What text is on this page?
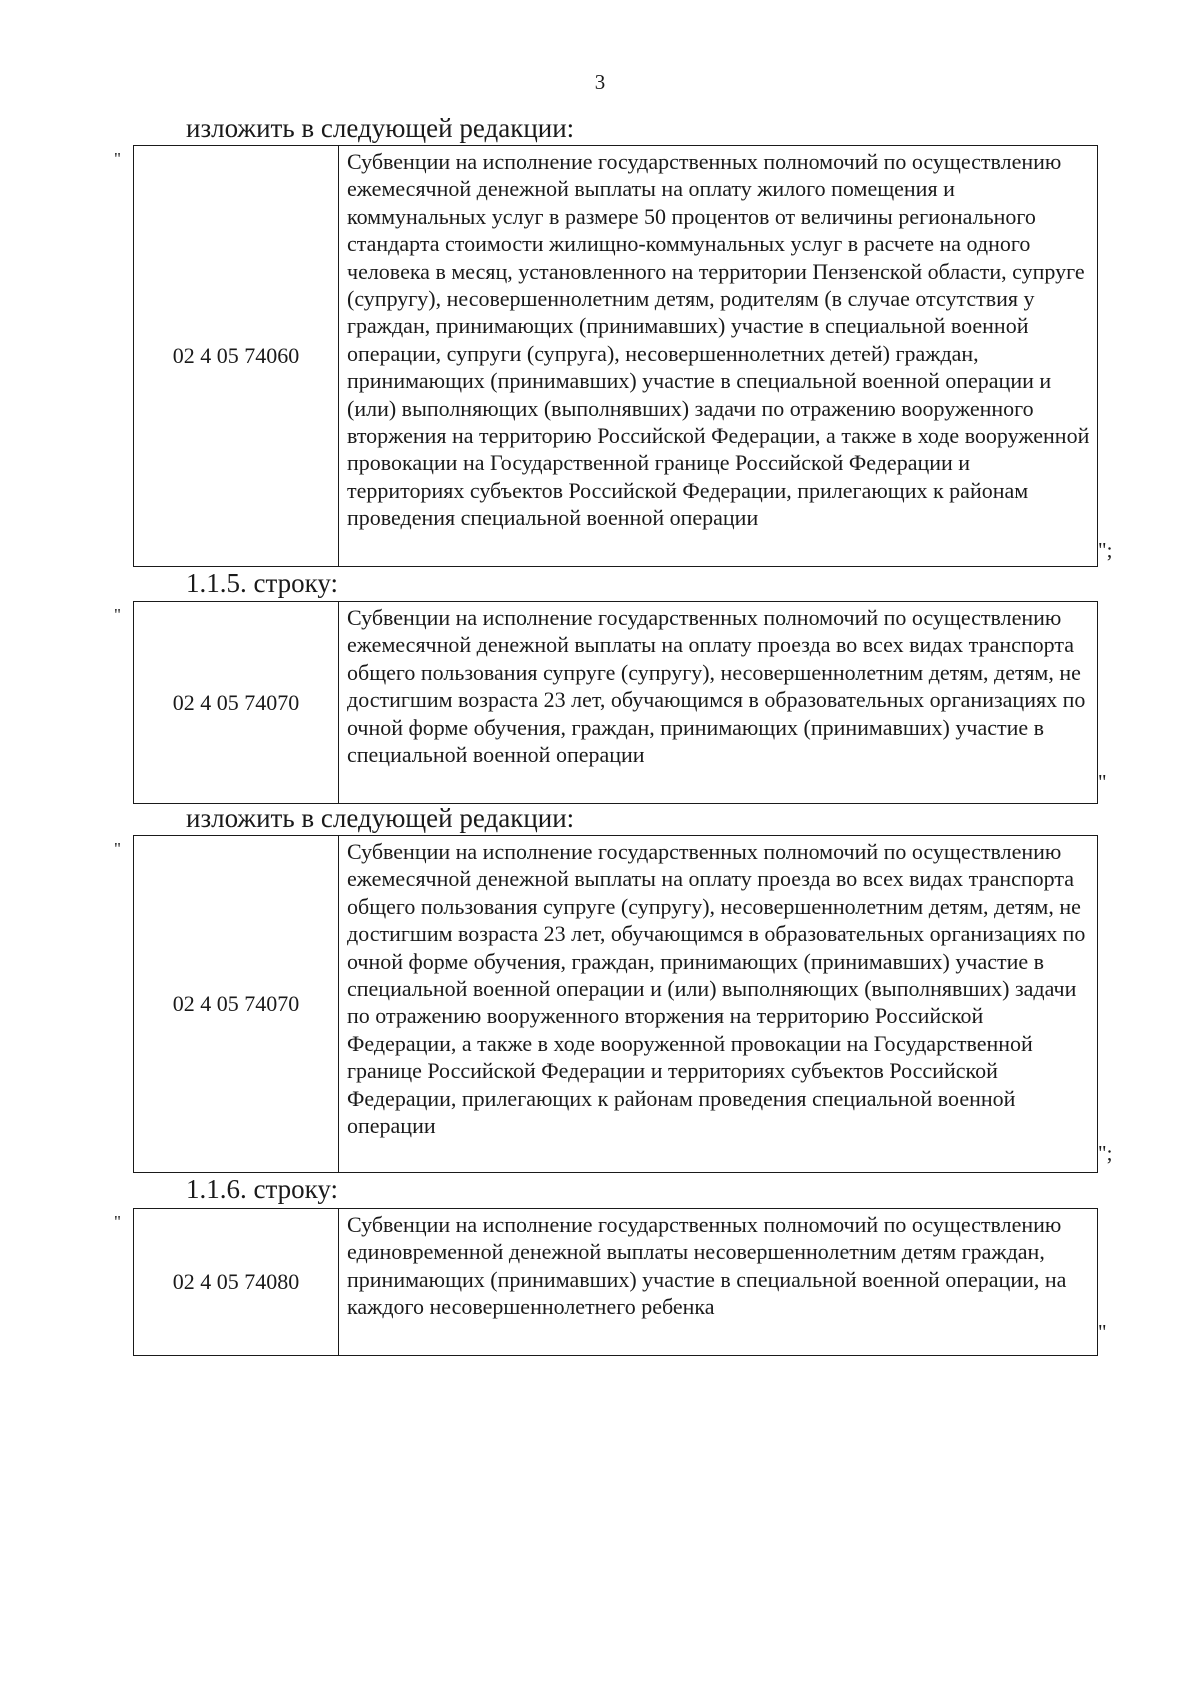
3
изложить в следующей редакции:
"
02 4 05 74060	Субвенции на исполнение государственных полномочий по осуществлению ежемесячной денежной выплаты на оплату жилого помещения и коммунальных услуг в размере 50 процентов от величины регионального стандарта стоимости жилищно-коммунальных услуг в расчете на одного человека в месяц, установленного на территории Пензенской области, супруге (супругу), несовершеннолетним детям, родителям (в случае отсутствия у граждан, принимающих (принимавших) участие в специальной военной операции, супруги (супруга), несовершеннолетних детей) граждан, принимающих (принимавших) участие в специальной военной операции и (или) выполняющих (выполнявших) задачи по отражению вооруженного вторжения на территорию Российской Федерации, а также в ходе вооруженной провокации на Государственной границе Российской Федерации и территориях субъектов Российской Федерации, прилегающих к районам проведения специальной военной операции
";
1.1.5. строку:
"
02 4 05 74070	Субвенции на исполнение государственных полномочий по осуществлению ежемесячной денежной выплаты на оплату проезда во всех видах транспорта общего пользования супруге (супругу), несовершеннолетним детям, детям, не достигшим возраста 23 лет, обучающимся в образовательных организациях по очной форме обучения, граждан, принимающих (принимавших) участие в специальной военной операции
"
изложить в следующей редакции:
"
02 4 05 74070	Субвенции на исполнение государственных полномочий по осуществлению ежемесячной денежной выплаты на оплату проезда во всех видах транспорта общего пользования супруге (супругу), несовершеннолетним детям, детям, не достигшим возраста 23 лет, обучающимся в образовательных организациях по очной форме обучения, граждан, принимающих (принимавших) участие в специальной военной операции и (или) выполняющих (выполнявших) задачи по отражению вооруженного вторжения на территорию Российской Федерации, а также в ходе вооруженной провокации на Государственной границе Российской Федерации и территориях субъектов Российской Федерации, прилегающих к районам проведения специальной военной операции
";
1.1.6. строку:
"
02 4 05 74080	Субвенции на исполнение государственных полномочий по осуществлению единовременной денежной выплаты несовершеннолетним детям граждан, принимающих (принимавших) участие в специальной военной операции, на каждого несовершеннолетнего ребенка
"
